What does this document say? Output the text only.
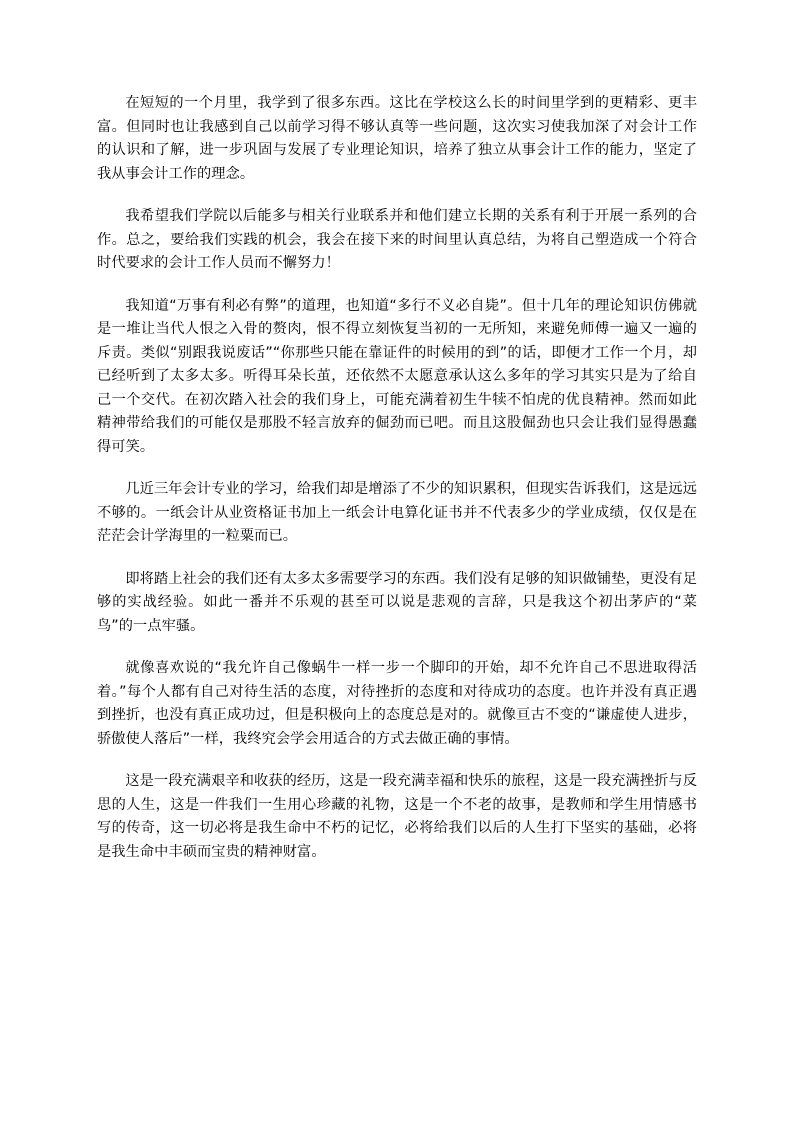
在短短的一个月里，我学到了很多东西。这比在学校这么长的时间里学到的更精彩、更丰富。但同时也让我感到自己以前学习得不够认真等一些问题，这次实习使我加深了对会计工作的认识和了解，进一步巩固与发展了专业理论知识，培养了独立从事会计工作的能力，坚定了我从事会计工作的理念。

我希望我们学院以后能多与相关行业联系并和他们建立长期的关系有利于开展一系列的合作。总之，要给我们实践的机会，我会在接下来的时间里认真总结，为将自己塑造成一个符合时代要求的会计工作人员而不懈努力！

我知道“万事有利必有弊”的道理，也知道“多行不义必自毙”。但十几年的理论知识仿佛就是一堆让当代人恨之入骨的赘肉，恨不得立刻恢复当初的一无所知，来避免师傅一遍又一遍的斥责。类似“别跟我说废话”“你那些只能在靠证件的时候用的到”的话，即便才工作一个月，却已经听到了太多太多。听得耳朵长茧，还依然不太愿意承认这么多年的学习其实只是为了给自己一个交代。在初次踏入社会的我们身上，可能充满着初生牛犊不怕虎的优良精神。然而如此精神带给我们的可能仅是那股不轻言放弃的倔劲而已吧。而且这股倔劲也只会让我们显得愚蠢得可笑。

几近三年会计专业的学习，给我们却是增添了不少的知识累积，但现实告诉我们，这是远远不够的。一纸会计从业资格证书加上一纸会计电算化证书并不代表多少的学业成绩，仅仅是在茫茫会计学海里的一粒粟而已。

即将踏上社会的我们还有太多太多需要学习的东西。我们没有足够的知识做铺垫，更没有足够的实战经验。如此一番并不乐观的甚至可以说是悲观的言辞，只是我这个初出茅庐的“菜鸟”的一点牢骚。

就像喜欢说的“我允许自己像蜗牛一样一步一个脚印的开始，却不允许自己不思进取得活着。”每个人都有自己对待生活的态度，对待挫折的态度和对待成功的态度。也许并没有真正遇到挫折，也没有真正成功过，但是积极向上的态度总是对的。就像亘古不变的“谦虚使人进步，骄傲使人落后”一样，我终究会学会用适合的方式去做正确的事情。

这是一段充满艰辛和收获的经历，这是一段充满幸福和快乐的旅程，这是一段充满挫折与反思的人生，这是一件我们一生用心珍藏的礼物，这是一个不老的故事，是教师和学生用情感书写的传奇，这一切必将是我生命中不朽的记忆，必将给我们以后的人生打下坚实的基础，必将是我生命中丰硕而宝贵的精神财富。
